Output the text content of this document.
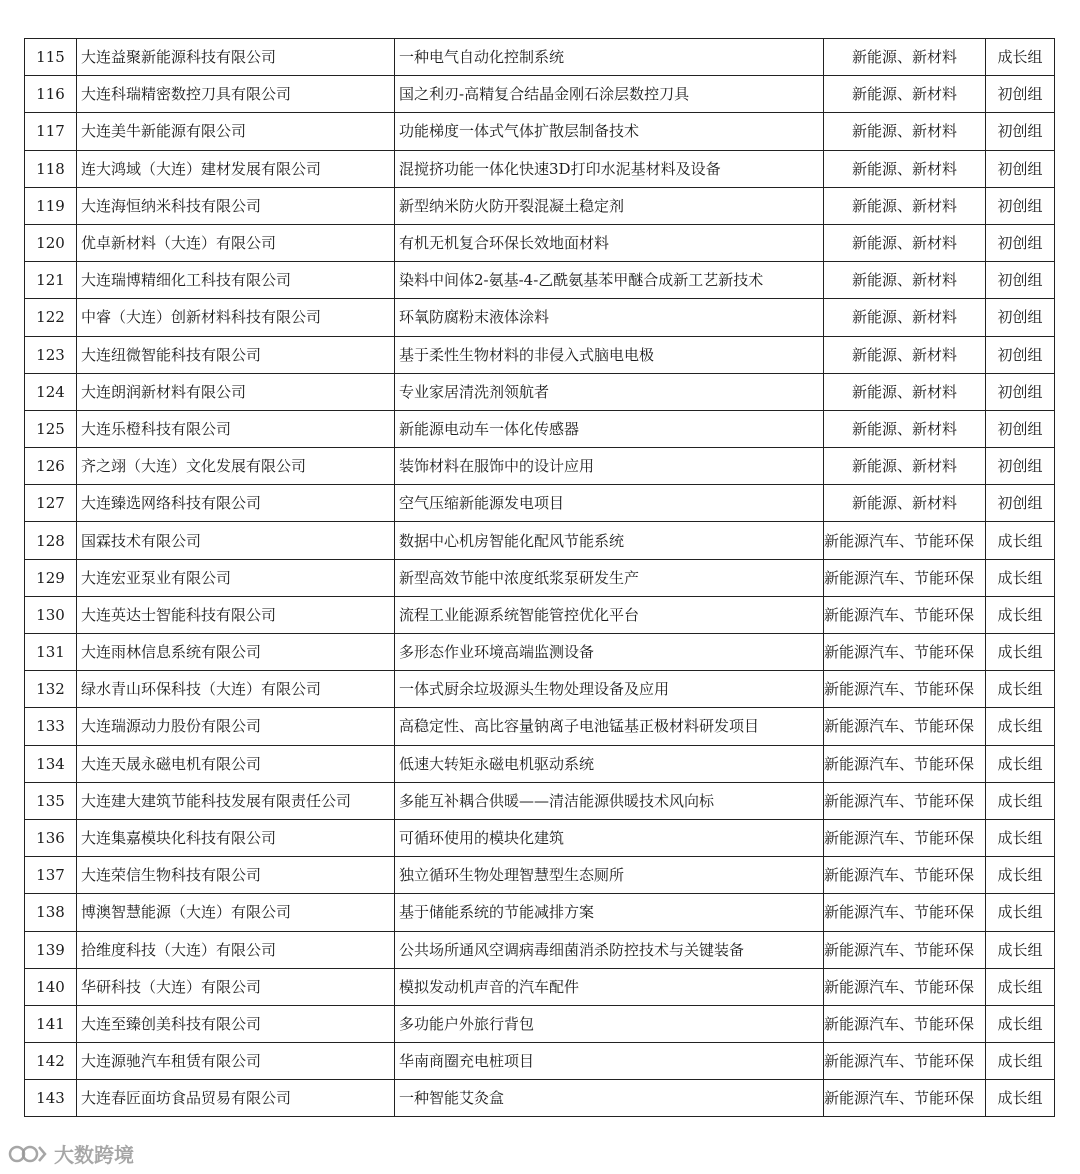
115	大连益聚新能源科技有限公司	一种电气自动化控制系统	新能源、新材料	成长组
116	大连科瑞精密数控刀具有限公司	国之利刃-高精复合结晶金刚石涂层数控刀具	新能源、新材料	初创组
117	大连美牛新能源有限公司	功能梯度一体式气体扩散层制备技术	新能源、新材料	初创组
118	连大鸿域（大连）建材发展有限公司	混搅挤功能一体化快速3D打印水泥基材料及设备	新能源、新材料	初创组
119	大连海恒纳米科技有限公司	新型纳米防火防开裂混凝土稳定剂	新能源、新材料	初创组
120	优卓新材料（大连）有限公司	有机无机复合环保长效地面材料	新能源、新材料	初创组
121	大连瑞博精细化工科技有限公司	染料中间体2-氨基-4-乙酰氨基苯甲醚合成新工艺新技术	新能源、新材料	初创组
122	中睿（大连）创新材料科技有限公司	环氧防腐粉末液体涂料	新能源、新材料	初创组
123	大连纽微智能科技有限公司	基于柔性生物材料的非侵入式脑电电极	新能源、新材料	初创组
124	大连朗润新材料有限公司	专业家居清洗剂领航者	新能源、新材料	初创组
125	大连乐橙科技有限公司	新能源电动车一体化传感器	新能源、新材料	初创组
126	齐之翊（大连）文化发展有限公司	装饰材料在服饰中的设计应用	新能源、新材料	初创组
127	大连臻选网络科技有限公司	空气压缩新能源发电项目	新能源、新材料	初创组
128	国霖技术有限公司	数据中心机房智能化配风节能系统	新能源汽车、节能环保	成长组
129	大连宏亚泵业有限公司	新型高效节能中浓度纸浆泵研发生产	新能源汽车、节能环保	成长组
130	大连英达士智能科技有限公司	流程工业能源系统智能管控优化平台	新能源汽车、节能环保	成长组
131	大连雨林信息系统有限公司	多形态作业环境高端监测设备	新能源汽车、节能环保	成长组
132	绿水青山环保科技（大连）有限公司	一体式厨余垃圾源头生物处理设备及应用	新能源汽车、节能环保	成长组
133	大连瑞源动力股份有限公司	高稳定性、高比容量钠离子电池锰基正极材料研发项目	新能源汽车、节能环保	成长组
134	大连天晟永磁电机有限公司	低速大转矩永磁电机驱动系统	新能源汽车、节能环保	成长组
135	大连建大建筑节能科技发展有限责任公司	多能互补耦合供暖——清洁能源供暖技术风向标	新能源汽车、节能环保	成长组
136	大连集嘉模块化科技有限公司	可循环使用的模块化建筑	新能源汽车、节能环保	成长组
137	大连荣信生物科技有限公司	独立循环生物处理智慧型生态厕所	新能源汽车、节能环保	成长组
138	博澳智慧能源（大连）有限公司	基于储能系统的节能减排方案	新能源汽车、节能环保	成长组
139	拾维度科技（大连）有限公司	公共场所通风空调病毒细菌消杀防控技术与关键装备	新能源汽车、节能环保	成长组
140	华研科技（大连）有限公司	模拟发动机声音的汽车配件	新能源汽车、节能环保	成长组
141	大连至臻创美科技有限公司	多功能户外旅行背包	新能源汽车、节能环保	成长组
142	大连源驰汽车租赁有限公司	华南商圈充电桩项目	新能源汽车、节能环保	成长组
143	大连春匠面坊食品贸易有限公司	一种智能艾灸盒	新能源汽车、节能环保	成长组
大数跨境
